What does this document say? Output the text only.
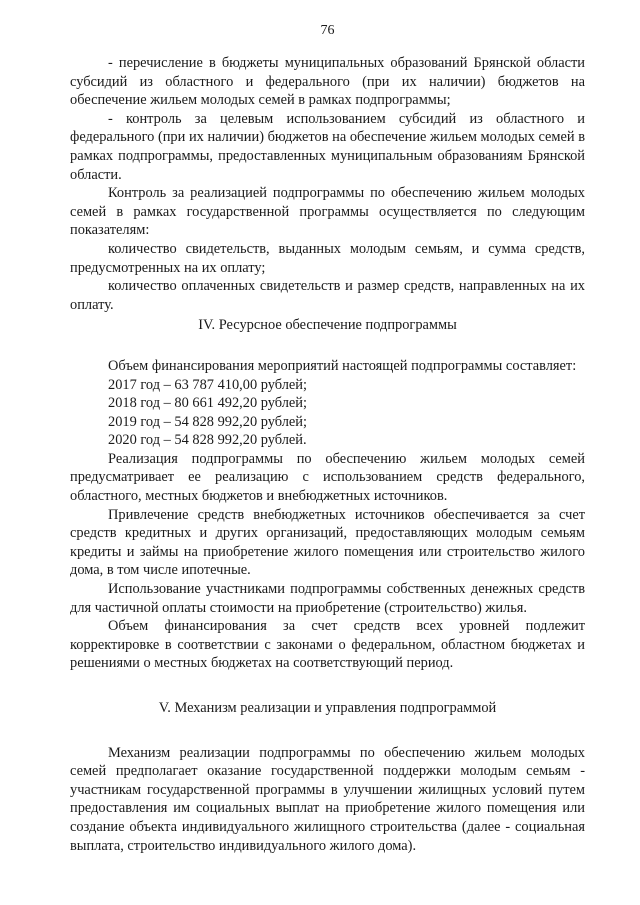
76

- перечисление в бюджеты муниципальных образований Брянской области субсидий из областного и федерального (при их наличии) бюджетов на обеспечение жильем молодых семей в рамках подпрограммы;

- контроль за целевым использованием субсидий из областного и федерального (при их наличии) бюджетов на обеспечение жильем молодых семей в рамках подпрограммы, предоставленных муниципальным образованиям Брянской области.

Контроль за реализацией подпрограммы по обеспечению жильем молодых семей в рамках государственной программы осуществляется по следующим показателям:

количество свидетельств, выданных молодым семьям, и сумма средств, предусмотренных на их оплату;

количество оплаченных свидетельств и размер средств, направленных на их оплату.

IV. Ресурсное обеспечение подпрограммы

Объем финансирования мероприятий настоящей подпрограммы составляет:

2017 год – 63 787 410,00 рублей;

2018 год – 80 661 492,20 рублей;

2019 год – 54 828 992,20 рублей;

2020 год – 54 828 992,20 рублей.

Реализация подпрограммы по обеспечению жильем молодых семей предусматривает ее реализацию с использованием средств федерального, областного, местных бюджетов и внебюджетных источников.

Привлечение средств внебюджетных источников обеспечивается за счет средств кредитных и других организаций, предоставляющих молодым семьям кредиты и займы на приобретение жилого помещения или строительство жилого дома, в том числе ипотечные.

Использование участниками подпрограммы собственных денежных средств для частичной оплаты стоимости на приобретение (строительство) жилья.

Объем финансирования за счет средств всех уровней подлежит корректировке в соответствии с законами о федеральном, областном бюджетах и решениями о местных бюджетах на соответствующий период.

V. Механизм реализации и управления подпрограммой

Механизм реализации подпрограммы по обеспечению жильем молодых семей предполагает оказание государственной поддержки молодым семьям - участникам государственной программы в улучшении жилищных условий путем предоставления им социальных выплат на приобретение жилого помещения или создание объекта индивидуального жилищного строительства (далее - социальная выплата, строительство индивидуального жилого дома).
